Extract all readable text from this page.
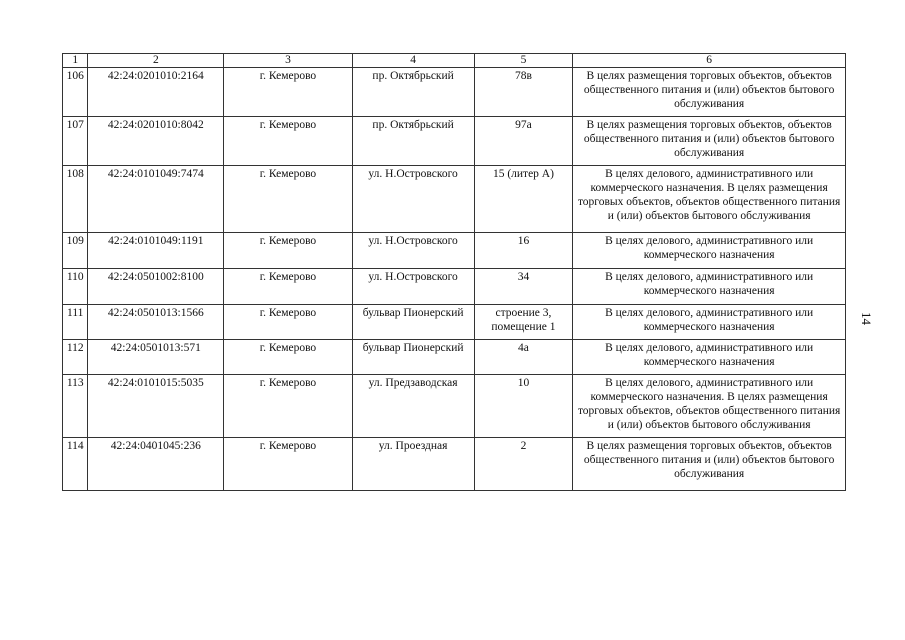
1	2	3	4	5	6
106	42:24:0201010:2164	г. Кемерово	пр. Октябрьский	78в	В целях размещения торговых объектов, объектов общественного питания и (или) объектов бытового обслуживания
107	42:24:0201010:8042	г. Кемерово	пр. Октябрьский	97а	В целях размещения торговых объектов, объектов общественного питания и (или) объектов бытового обслуживания
108	42:24:0101049:7474	г. Кемерово	ул. Н.Островского	15 (литер А)	В целях делового, административного или коммерческого назначения. В целях размещения торговых объектов, объектов общественного питания и (или) объектов бытового обслуживания
109	42:24:0101049:1191	г. Кемерово	ул. Н.Островского	16	В целях делового, административного или коммерческого назначения
110	42:24:0501002:8100	г. Кемерово	ул. Н.Островского	34	В целях делового, административного или коммерческого назначения
111	42:24:0501013:1566	г. Кемерово	бульвар Пионерский	строение 3, помещение 1	В целях делового, административного или коммерческого назначения
112	42:24:0501013:571	г. Кемерово	бульвар Пионерский	4а	В целях делового, административного или коммерческого назначения
113	42:24:0101015:5035	г. Кемерово	ул. Предзаводская	10	В целях делового, административного или коммерческого назначения. В целях размещения торговых объектов, объектов общественного питания и (или) объектов бытового обслуживания
114	42:24:0401045:236	г. Кемерово	ул. Проездная	2	В целях размещения торговых объектов, объектов общественного питания и (или) объектов бытового обслуживания
14
